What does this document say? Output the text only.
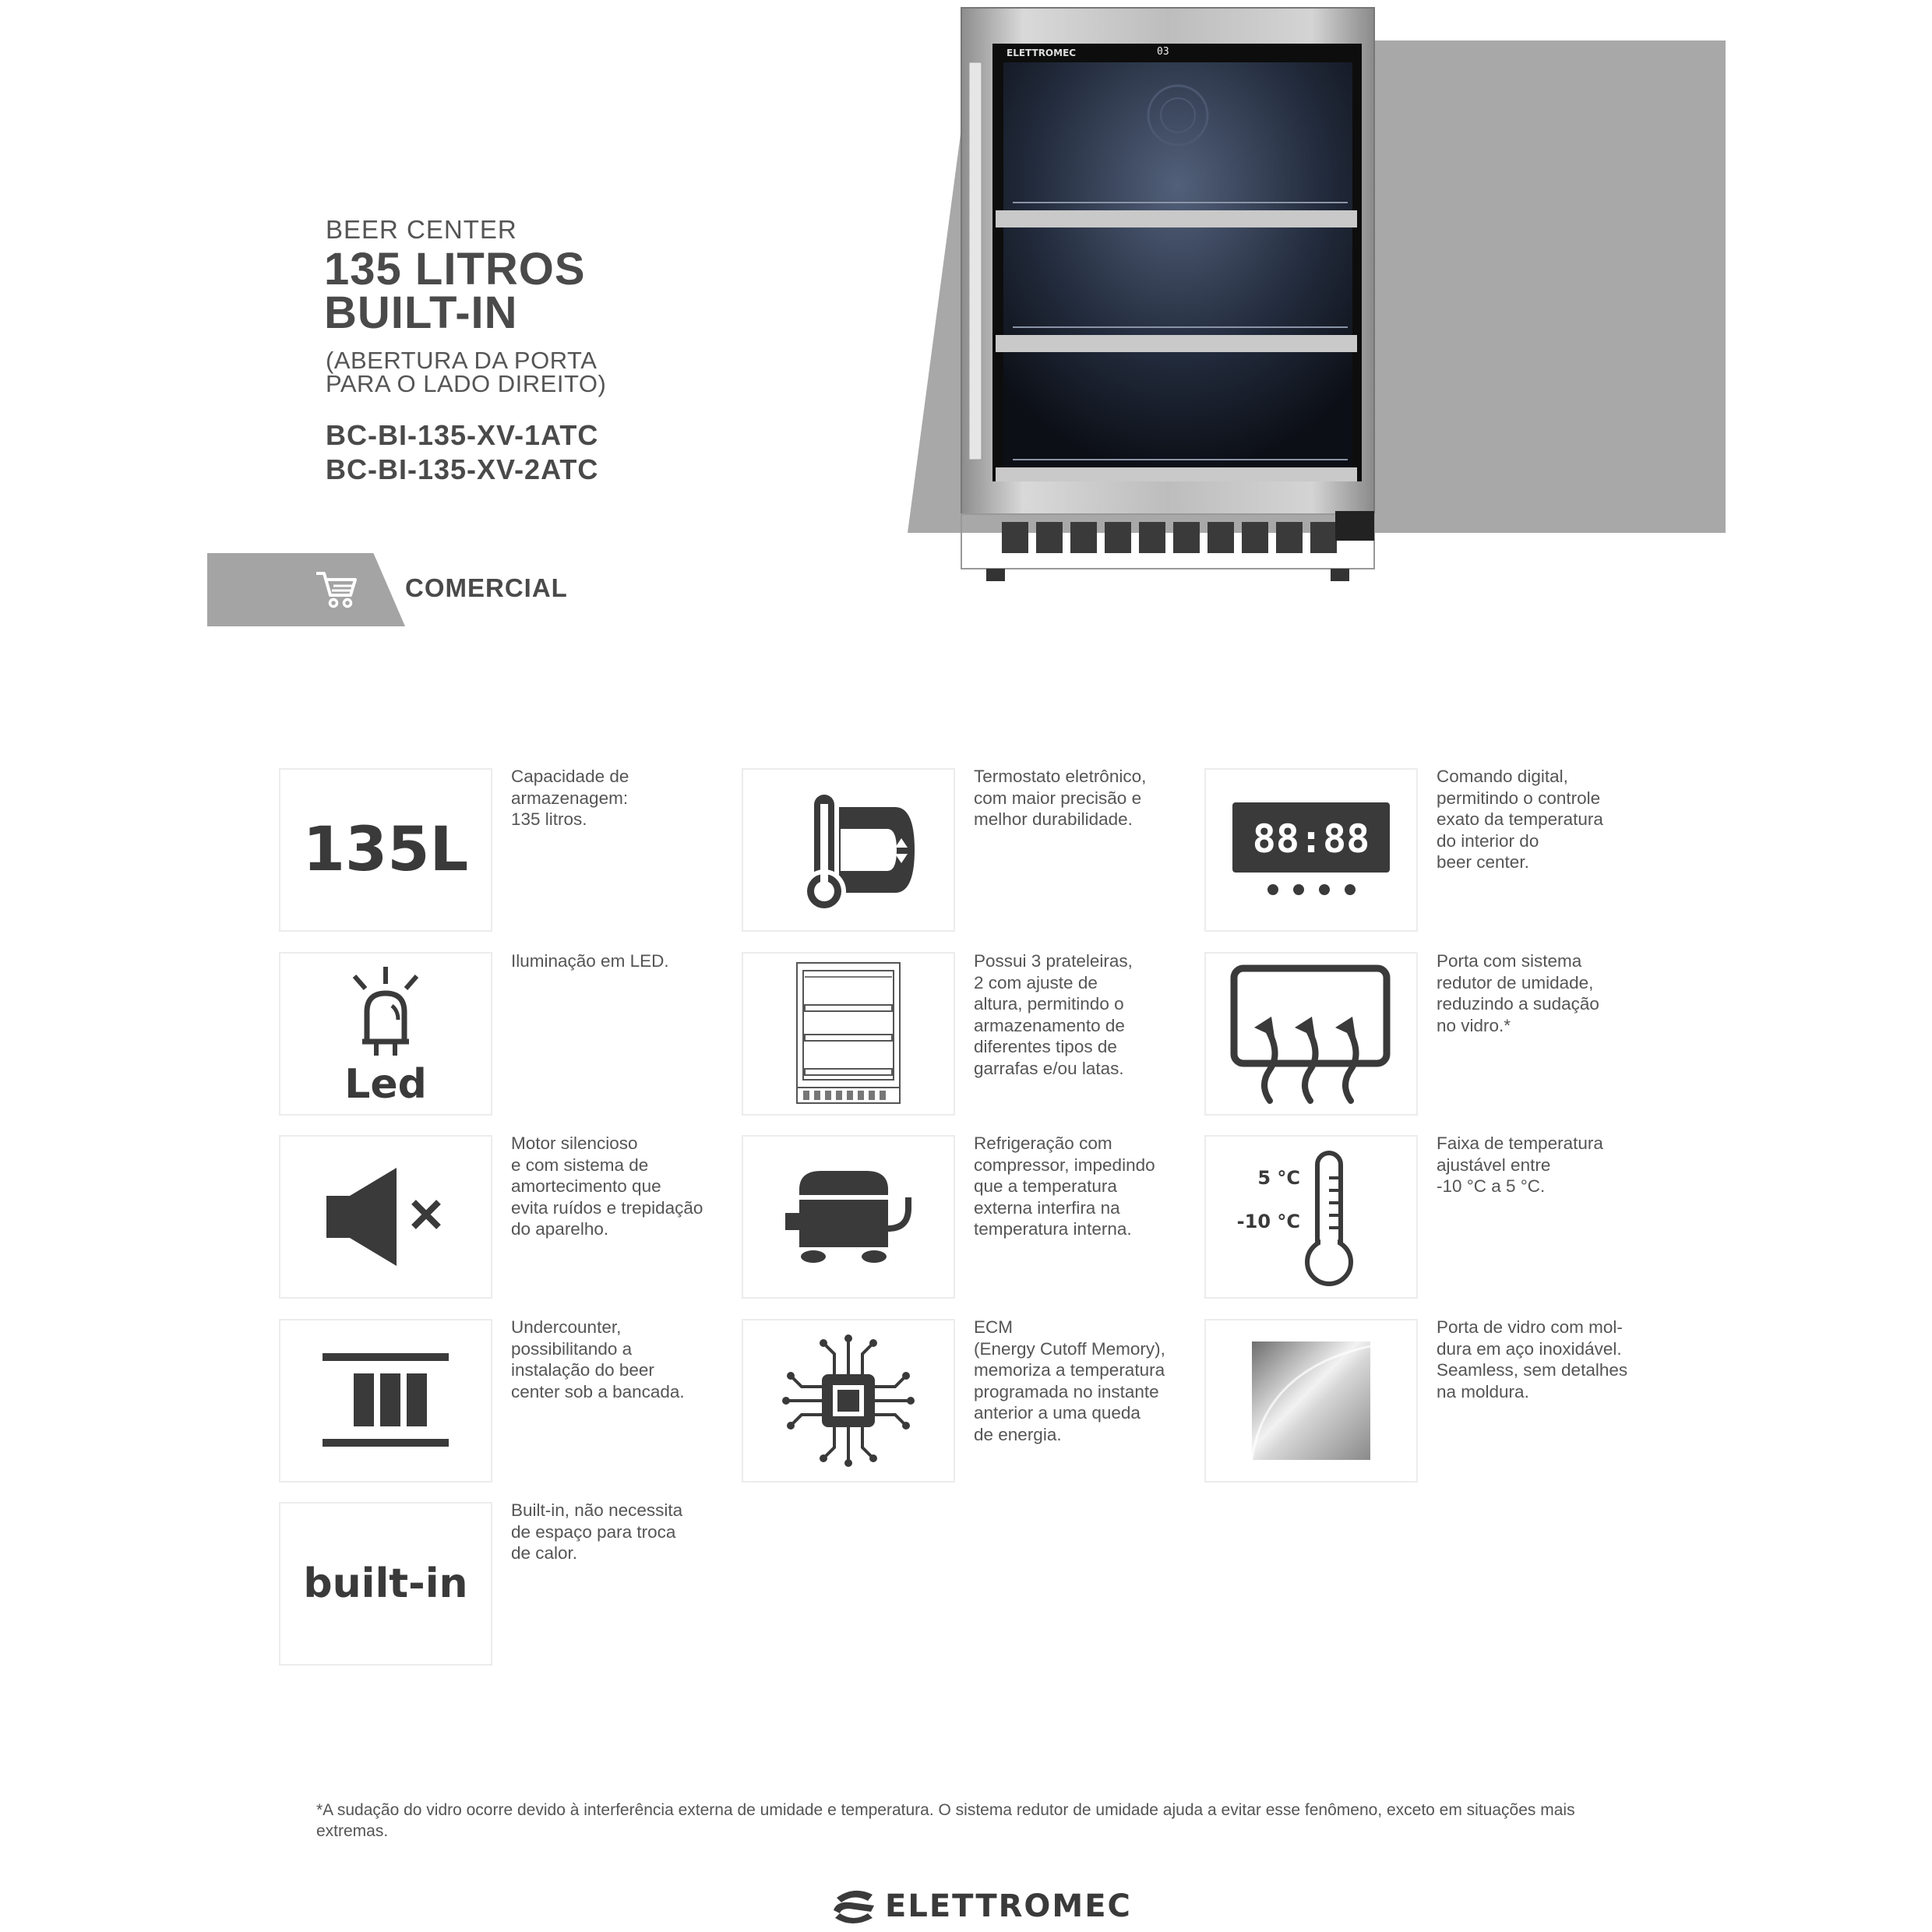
BEER CENTER
135 LITROS
BUILT-IN
(ABERTURA DA PORTA
PARA O LADO DIREITO)
BC-BI-135-XV-1ATC
BC-BI-135-XV-2ATC
COMERCIAL
ELETTROMEC	03
135L
Capacidade de
armazenagem:
135 litros.
Termostato eletrônico,
com maior precisão e
melhor durabilidade.	88:88
Comando digital,
permitindo o controle
exato da temperatura
do interior do
beer center.
Led
Iluminação em LED.	Possui 3 prateleiras,
2 com ajuste de
altura, permitindo o
armazenamento de
diferentes tipos de
garrafas e/ou latas.
Porta com sistema
redutor de umidade,
reduzindo a sudação
no vidro.*
Motor silencioso
e com sistema de
amortecimento que
evita ruídos e trepidação
do aparelho.
Refrigeração com
compressor, impedindo
que a temperatura
externa interfira na
temperatura interna.
5 °C
-10 °C
Faixa de temperatura
ajustável entre
-10 °C a 5 °C.
Undercounter,
possibilitando a
instalação do beer
center sob a bancada.
ECM
(Energy Cutoff Memory),
memoriza a temperatura
programada no instante
anterior a uma queda
de energia.
Porta de vidro com mol-
dura em aço inoxidável.
Seamless, sem detalhes
na moldura.
built-in
Built-in, não necessita
de espaço para troca
de calor.
*A sudação do vidro ocorre devido à interferência externa de umidade e temperatura. O sistema redutor de umidade ajuda a evitar esse fenômeno, exceto em situações mais extremas.
ELETTROMEC
